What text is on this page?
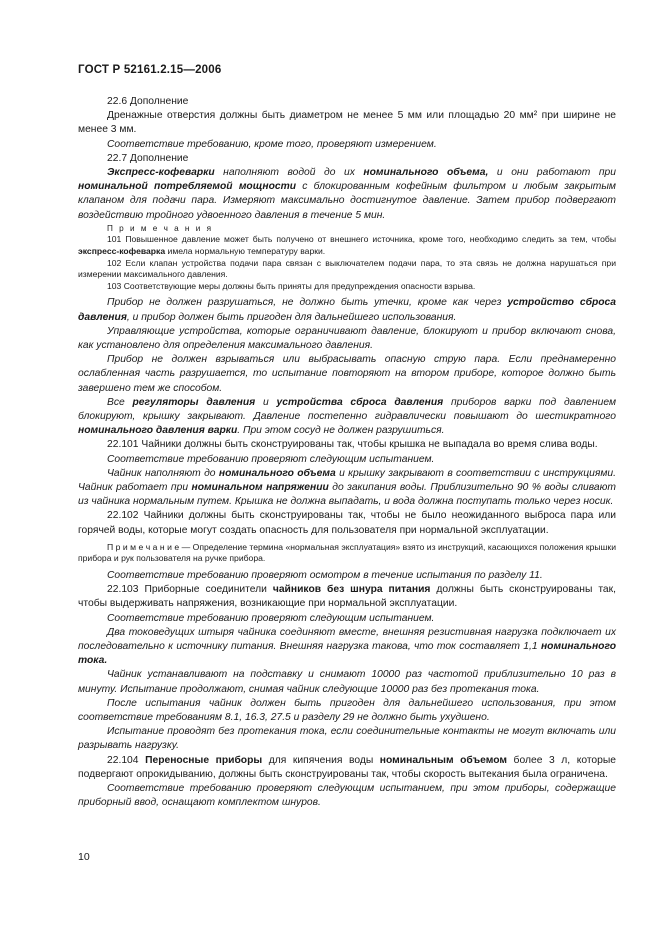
ГОСТ Р 52161.2.15—2006

22.6 Дополнение

Дренажные отверстия должны быть диаметром не менее 5 мм или площадью 20 мм² при ширине не менее 3 мм.

Соответствие требованию, кроме того, проверяют измерением.

22.7 Дополнение

Экспресс-кофеварки наполняют водой до их номинального объема, и они работают при номинальной потребляемой мощности с блокированным кофейным фильтром и любым закрытым клапаном для подачи пара. Измеряют максимально достигнутое давление. Затем прибор подвергают воздействию тройного удвоенного давления в течение 5 мин.

П р и м е ч а н и я

101 Повышенное давление может быть получено от внешнего источника, кроме того, необходимо следить за тем, чтобы экспресс-кофеварка имела нормальную температуру варки.

102 Если клапан устройства подачи пара связан с выключателем подачи пара, то эта связь не должна нарушаться при измерении максимального давления.

103 Соответствующие меры должны быть приняты для предупреждения опасности взрыва.

Прибор не должен разрушаться, не должно быть утечки, кроме как через устройство сброса давления, и прибор должен быть пригоден для дальнейшего использования.

Управляющие устройства, которые ограничивают давление, блокируют и прибор включают снова, как установлено для определения максимального давления.

Прибор не должен взрываться или выбрасывать опасную струю пара. Если преднамеренно ослабленная часть разрушается, то испытание повторяют на втором приборе, которое должно быть завершено тем же способом.

Все регуляторы давления и устройства сброса давления приборов варки под давлением блокируют, крышку закрывают. Давление постепенно гидравлически повышают до шестикратного номинального давления варки. При этом сосуд не должен разрушиться.

22.101 Чайники должны быть сконструированы так, чтобы крышка не выпадала во время слива воды.

Соответствие требованию проверяют следующим испытанием.

Чайник наполняют до номинального объема и крышку закрывают в соответствии с инструкциями. Чайник работает при номинальном напряжении до закипания воды. Приблизительно 90 % воды сливают из чайника нормальным путем. Крышка не должна выпадать, и вода должна поступать только через носик.

22.102 Чайники должны быть сконструированы так, чтобы не было неожиданного выброса пара или горячей воды, которые могут создать опасность для пользователя при нормальной эксплуатации.

П р и м е ч а н и е — Определение термина «нормальная эксплуатация» взято из инструкций, касающихся положения крышки прибора и рук пользователя на ручке прибора.

Соответствие требованию проверяют осмотром в течение испытания по разделу 11.

22.103 Приборные соединители чайников без шнура питания должны быть сконструированы так, чтобы выдерживать напряжения, возникающие при нормальной эксплуатации.

Соответствие требованию проверяют следующим испытанием.

Два токоведущих штыря чайника соединяют вместе, внешняя резистивная нагрузка подключает их последовательно к источнику питания. Внешняя нагрузка такова, что ток составляет 1,1 номинального тока.

Чайник устанавливают на подставку и снимают 10000 раз частотой приблизительно 10 раз в минуту. Испытание продолжают, снимая чайник следующие 10000 раз без протекания тока.

После испытания чайник должен быть пригоден для дальнейшего использования, при этом соответствие требованиям 8.1, 16.3, 27.5 и разделу 29 не должно быть ухудшено.

Испытание проводят без протекания тока, если соединительные контакты не могут включать или разрывать нагрузку.

22.104 Переносные приборы для кипячения воды номинальным объемом более 3 л, которые подвергают опрокидыванию, должны быть сконструированы так, чтобы скорость вытекания была ограничена.

Соответствие требованию проверяют следующим испытанием, при этом приборы, содержащие приборный ввод, оснащают комплектом шнуров.

10
